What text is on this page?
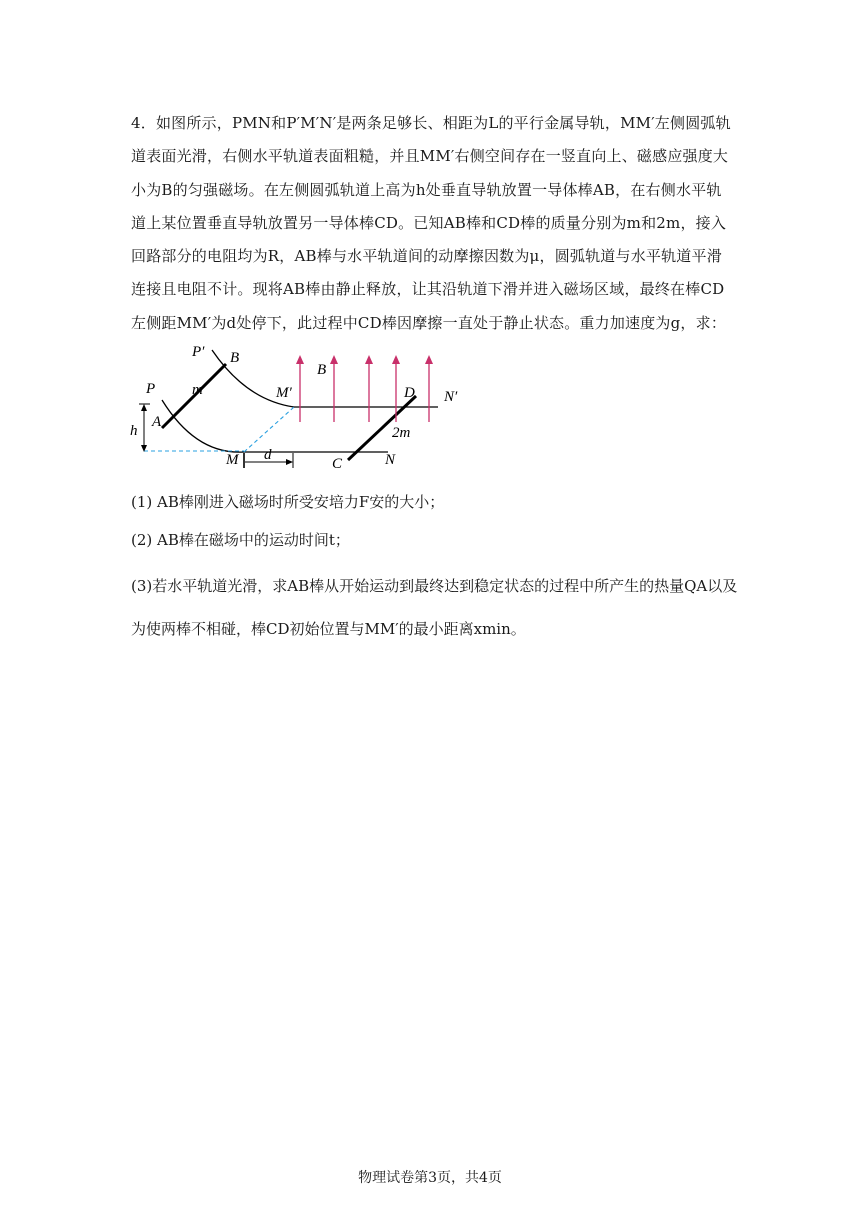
4．如图所示，PMN和P′M′N′是两条足够长、相距为L的平行金属导轨，MM′左侧圆弧轨道表面光滑，右侧水平轨道表面粗糙，并且MM′右侧空间存在一竖直向上、磁感应强度大小为B的匀强磁场。在左侧圆弧轨道上高为h处垂直导轨放置一导体棒AB，在右侧水平轨道上某位置垂直导轨放置另一导体棒CD。已知AB棒和CD棒的质量分别为m和2m，接入回路部分的电阻均为R，AB棒与水平轨道间的动摩擦因数为μ，圆弧轨道与水平轨道平滑连接且电阻不计。现将AB棒由静止释放，让其沿轨道下滑并进入磁场区域，最终在棒CD左侧距MM′为d处停下，此过程中CD棒因摩擦一直处于静止状态。重力加速度为g，求：

P′ B
P m
A
h
M′
B
D N′
2m
M d
C	N
(1) AB棒刚进入磁场时所受安培力F安的大小；
(2) AB棒在磁场中的运动时间t；
(3)若水平轨道光滑，求AB棒从开始运动到最终达到稳定状态的过程中所产生的热量QA以及为使两棒不相碰，棒CD初始位置与MM′的最小距离xmin。
物理试卷第3页，共4页
